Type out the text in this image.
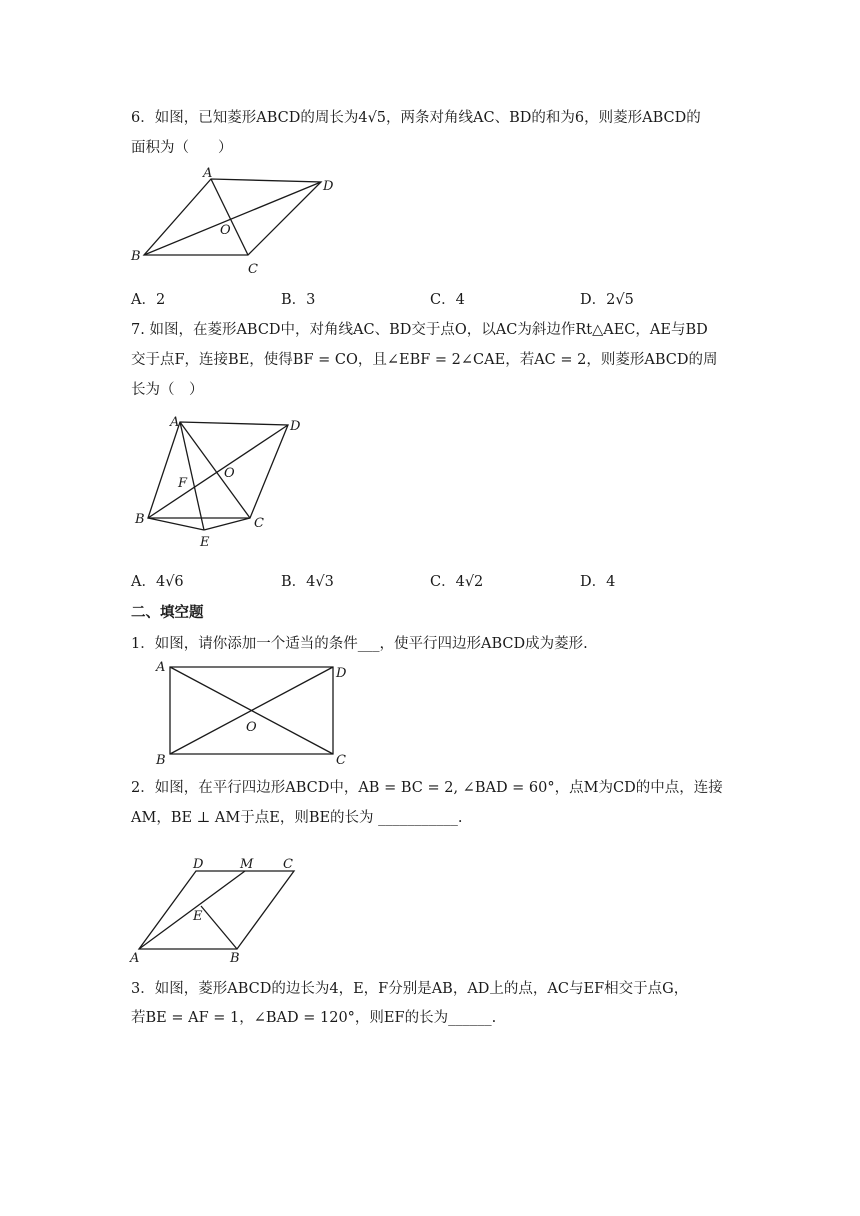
6．如图，已知菱形ABCD的周长为4√5，两条对角线AC、BD的和为6，则菱形ABCD的
面积为（　　）
A
D
B
C
O
A．2	B．3	C．4	D．2√5
7. 如图，在菱形ABCD中，对角线AC、BD交于点O，以AC为斜边作Rt△AEC，AE与BD
交于点F，连接BE，使得BF = CO，且∠EBF = 2∠CAE，若AC = 2，则菱形ABCD的周
长为（　）
A	D
B	C
O
F
E
A．4√6	B．4√3	C．4√2	D．4
二、填空题
1．如图，请你添加一个适当的条件___，使平行四边形ABCD成为菱形.
A	D
B	C
O
2．如图，在平行四边形ABCD中，AB = BC = 2, ∠BAD = 60°，点M为CD的中点，连接
AM，BE ⊥ AM于点E，则BE的长为 ___________.
D	M C
E
A	B
3．如图，菱形ABCD的边长为4，E，F分别是AB，AD上的点，AC与EF相交于点G，
若BE = AF = 1，∠BAD = 120°，则EF的长为______.
